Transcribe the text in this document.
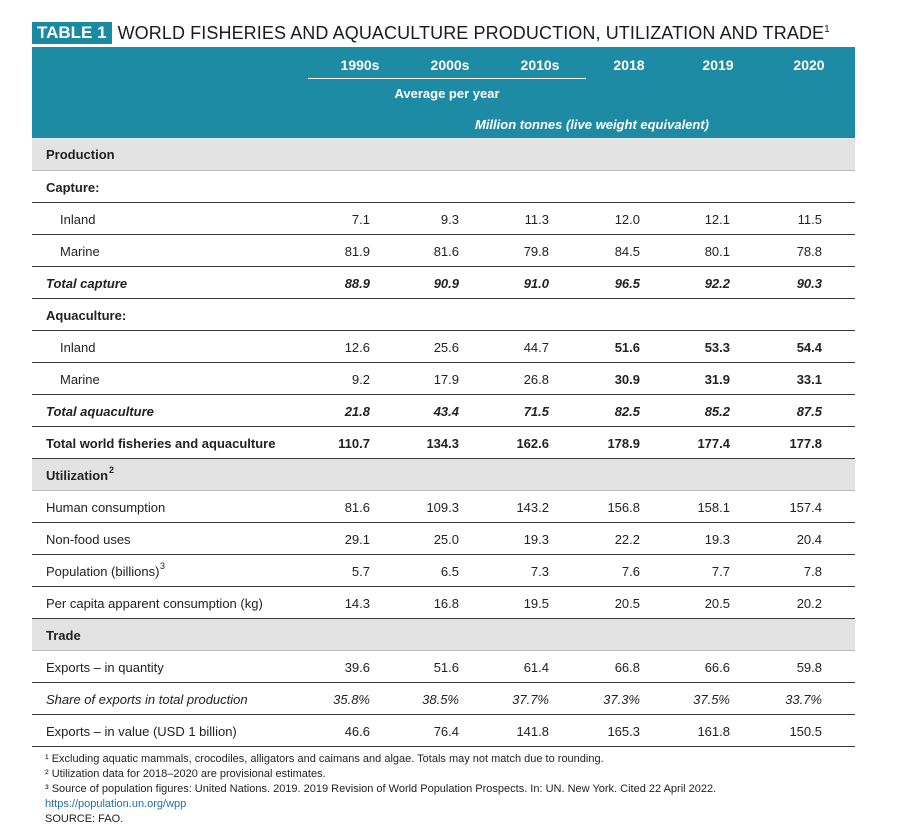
TABLE 1 WORLD FISHERIES AND AQUACULTURE PRODUCTION, UTILIZATION AND TRADE$^1$
1990s	2000s	2010s	2018	2019	2020
Average per year
Million tonnes (live weight equivalent)
Production
Capture:
Inland	7.1	9.3	11.3	12.0	12.1	11.5
Marine	81.9	81.6	79.8	84.5	80.1	78.8
Total capture	88.9	90.9	91.0	96.5	92.2	90.3
Aquaculture:
Inland	12.6	25.6	44.7	51.6	53.3	54.4
Marine	9.2	17.9	26.8	30.9	31.9	33.1
Total aquaculture	21.8	43.4	71.5	82.5	85.2	87.5
Total world fisheries and aquaculture	110.7	134.3	162.6	178.9	177.4	177.8
Utilization 2
Human consumption	81.6	109.3	143.2	156.8	158.1	157.4
Non-food uses	29.1	25.0	19.3	22.2	19.3	20.4
Population (billions) 3	5.7	6.5	7.3	7.6	7.7	7.8
Per capita apparent consumption (kg)	14.3	16.8	19.5	20.5	20.5	20.2
Trade
Exports – in quantity	39.6	51.6	61.4	66.8	66.6	59.8
Share of exports in total production	35.8%	38.5%	37.7%	37.3%	37.5%	33.7%
Exports – in value (USD 1 billion)	46.6	76.4	141.8	165.3	161.8	150.5
¹ Excluding aquatic mammals, crocodiles, alligators and caimans and algae. Totals may not match due to rounding.
² Utilization data for 2018–2020 are provisional estimates.
³ Source of population figures: United Nations. 2019. 2019 Revision of World Population Prospects. In: UN. New York. Cited 22 April 2022.
https://population.un.org/wpp
SOURCE: FAO.
